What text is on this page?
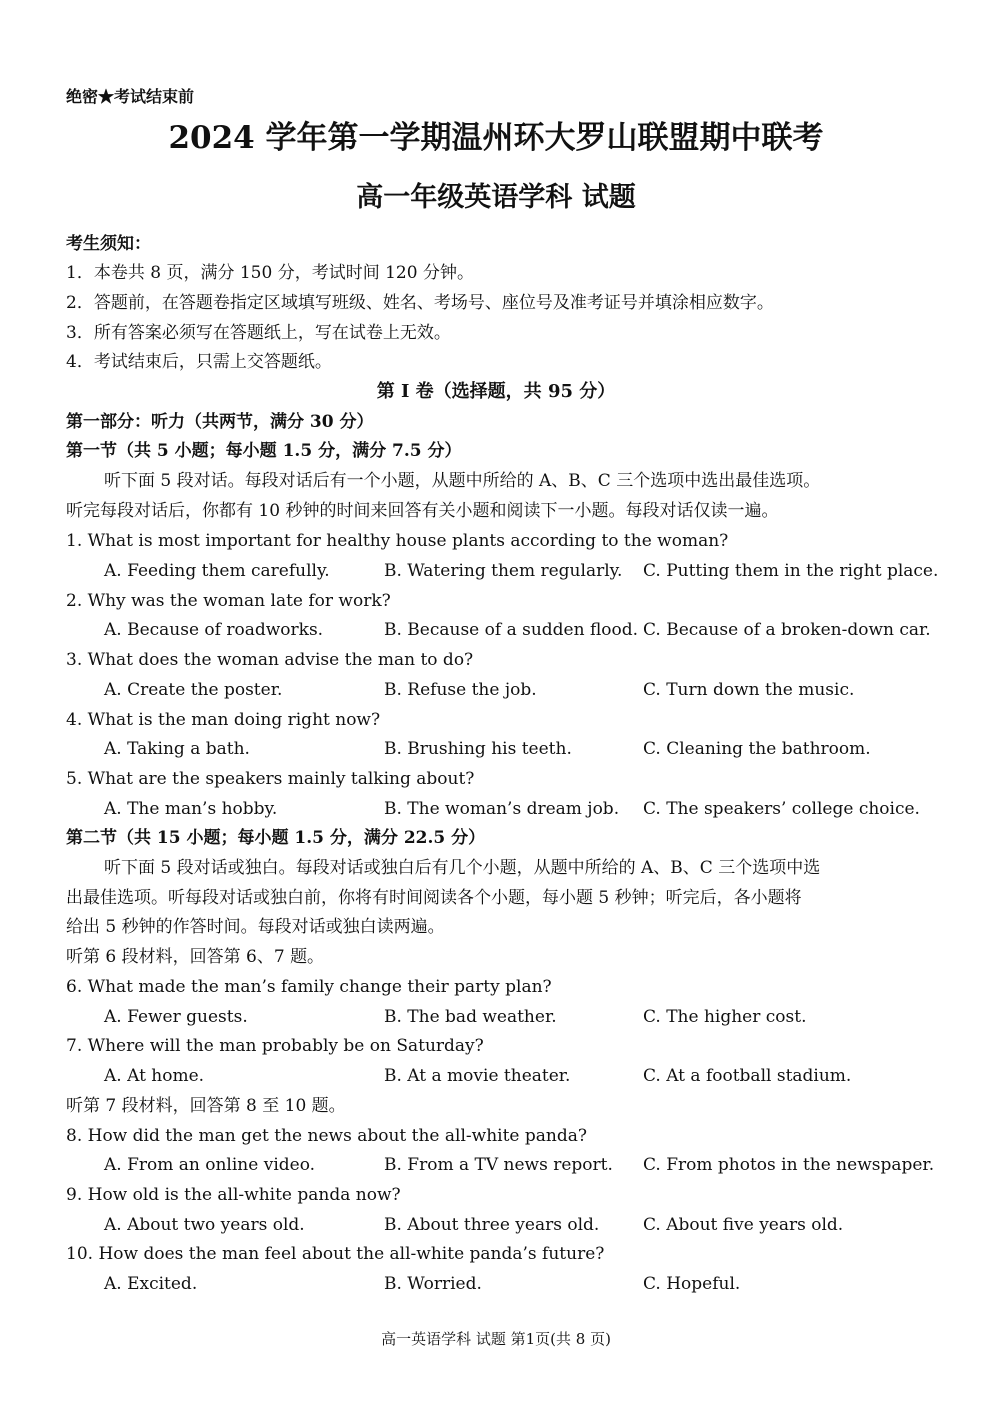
绝密★考试结束前
2024 学年第一学期温州环大罗山联盟期中联考
高一年级英语学科 试题
考生须知：
1．本卷共 8 页，满分 150 分，考试时间 120 分钟。
2．答题前，在答题卷指定区域填写班级、姓名、考场号、座位号及准考证号并填涂相应数字。
3．所有答案必须写在答题纸上，写在试卷上无效。
4．考试结束后，只需上交答题纸。
第 I 卷（选择题，共 95 分）
第一部分：听力（共两节，满分 30 分）
第一节（共 5 小题；每小题 1.5 分，满分 7.5 分）
听下面 5 段对话。每段对话后有一个小题，从题中所给的 A、B、C 三个选项中选出最佳选项。
听完每段对话后，你都有 10 秒钟的时间来回答有关小题和阅读下一小题。每段对话仅读一遍。
1. What is most important for healthy house plants according to the woman?
A. Feeding them carefully.	B. Watering them regularly. C. Putting them in the right place.
2. Why was the woman late for work?
A. Because of roadworks.	B. Because of a sudden flood. C. Because of a broken-down car.
3. What does the woman advise the man to do?
A. Create the poster.	B. Refuse the job.	C. Turn down the music.
4. What is the man doing right now?
A. Taking a bath.	B. Brushing his teeth.	C. Cleaning the bathroom.
5. What are the speakers mainly talking about?
A. The man’s hobby.	B. The woman’s dream job. C. The speakers’ college choice.
第二节（共 15 小题；每小题 1.5 分，满分 22.5 分）
听下面 5 段对话或独白。每段对话或独白后有几个小题，从题中所给的 A、B、C 三个选项中选
出最佳选项。听每段对话或独白前，你将有时间阅读各个小题，每小题 5 秒钟；听完后，各小题将
给出 5 秒钟的作答时间。每段对话或独白读两遍。
听第 6 段材料，回答第 6、7 题。
6. What made the man’s family change their party plan?
A. Fewer guests.	B. The bad weather.	C. The higher cost.
7. Where will the man probably be on Saturday?
A. At home.	B. At a movie theater.	C. At a football stadium.
听第 7 段材料，回答第 8 至 10 题。
8. How did the man get the news about the all-white panda?
A. From an online video.	B. From a TV news report. C. From photos in the newspaper.
9. How old is the all-white panda now?
A. About two years old.	B. About three years old.	C. About five years old.
10. How does the man feel about the all-white panda’s future?
A. Excited.	B. Worried.	C. Hopeful.
高一英语学科 试题 第1页(共 8 页)
